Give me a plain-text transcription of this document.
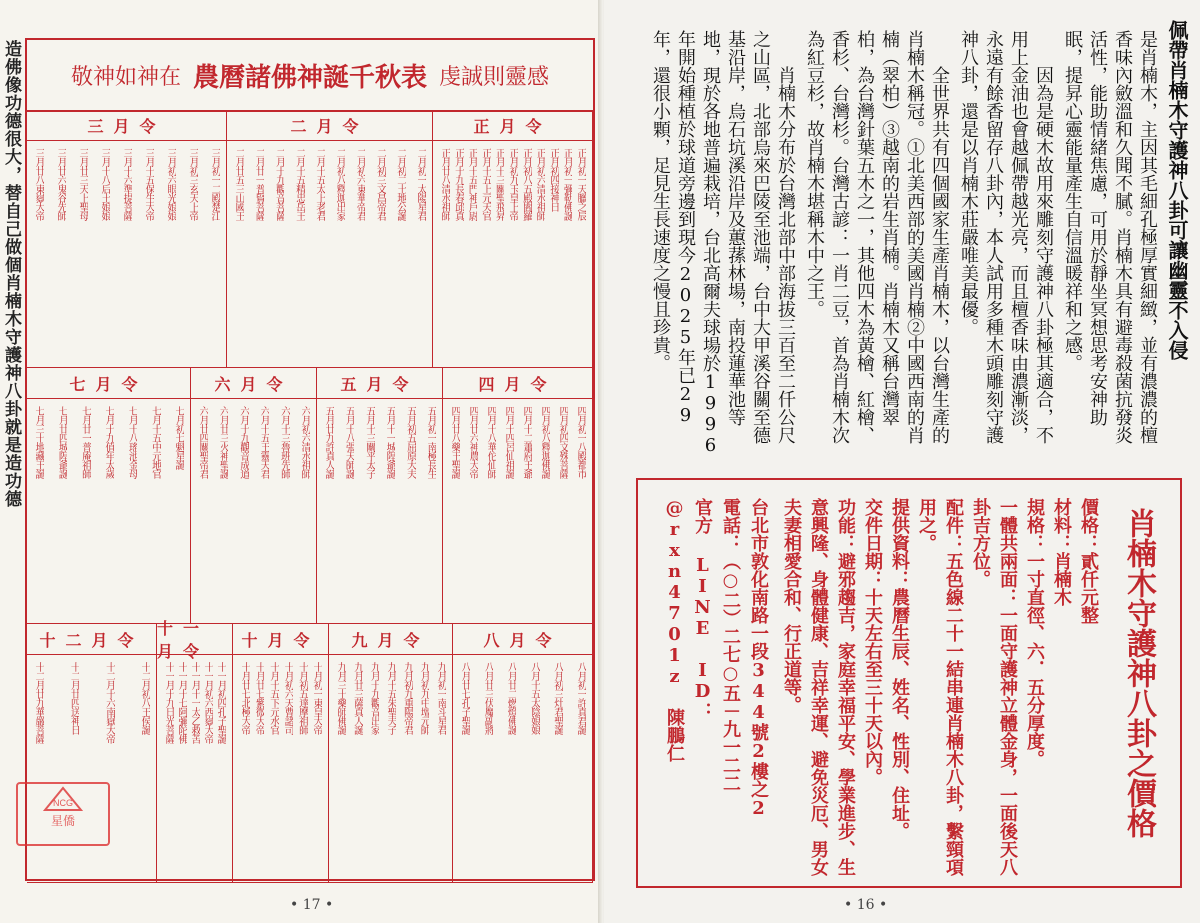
造佛像功德很大，替自己做個肖楠木守護神八卦就是造功德 敬神如神在 農曆諸佛神誕千秋表 虔誠則靈感
正月令
正月初一天臘之辰
正月初一彌勒佛誕
正月初四接神日
正月初六清水祖師
正月初八五殿閻羅
正月初九玉皇上帝
正月十三關聖飛昇
正月十五上元天官
正月十五門神戶尉
正月十九長春邱真
正月廿八清水祖師
二月令
二月初一太陽星君
二月初二土地公誕
二月初三文昌帝君
二月初六東華帝君
二月初八釋迦出家
二月十五太上老君
二月十五精忠岳王
二月十九觀音菩薩
二月廿一普賢菩薩
二月廿五三山國王
三月令
三月初一二殿楚江
三月初三玄天上帝
三月初六眼光娘娘
三月十五保生大帝
三月十六準提菩薩
三月十八后土娘娘
三月廿三天上聖母
三月廿六鬼谷先師
三月廿八東嶽大帝
四月令
四月初一八殿都市
四月初四文殊菩薩
四月初八釋迦佛誕
四月十二蕭府王爺
四月十四呂仙祖誕
四月十八華佗仙師
四月廿六神農大帝
四月廿八藥王聖誕
五月令
五月初一南極長生
五月初五屈原大夫
五月十一城隍爺誕
五月十三關平太子
五月十八張天師誕
五月廿九許真人誕
六月令
六月初六清水祖師
六月十三魯班先師
六月十五王靈天君
六月十九觀音成道
六月廿三火神聖誕
六月廿四關聖帝君
七月令
七月初七魁星誕
七月十五中元地官
七月十八瑤池金母
七月十九值年太歲
七月廿一普庵祖師
七月廿四城隍爺誕
七月三十地藏王誕
八月令
八月初一許真君誕
八月初三灶君聖誕
八月十五太陰娘娘
八月廿二燃燈佛誕
八月廿三伏魔副將
八月廿七孔子聖誕
九月令
九月初一南斗星君
九月初九中壇元帥
九月初九重陽帝君
九月十五朱聖夫子
九月十九觀音出家
九月廿三薩真人誕
九月三十藥師佛誕
十月令
十月初一東皇大帝
十月初五達摩祖師
十月初六天曹諸司
十月十五下元水官
十月廿七紫微大帝
十月廿七北極大帝
十一月令
十一月初四孔子聖誕
十一月初六西嶽大帝
十一月十一太乙救苦
十一月十七阿彌陀佛
十一月十九日光菩薩
十二月令
十二月初八王侯誕
十二月十六南嶽大帝
十二月廿四送神日
十二月廿九華嚴菩薩
NCG
星僑
• 17 •
佩帶肖楠木守護神八卦可讓幽靈不入侵

是肖楠木，主因其毛細孔極厚實細緻，並有濃濃的檀香味內斂溫和久聞不膩。肖楠木具有避毒殺菌抗發炎活性，能助情緒焦慮，可用於靜坐冥想思考安神助眠，提昇心靈能量產生自信溫暖祥和之感。

因為是硬木故用來雕刻守護神八卦極其適合，不用上金油也會越佩帶越光亮，而且檀香味由濃漸淡，永遠有餘香留存八卦內，本人試用多種木頭雕刻守護神八卦，還是以肖楠木莊嚴唯美最優。

全世界共有四個國家生產肖楠木，以台灣生產的肖楠木稱冠。①北美西部的美國肖楠②中國西南的肖楠（翠柏）③越南的岩生肖楠。肖楠木又稱台灣翠柏，為台灣針葉五木之一，其他四木為黃檜、紅檜、香杉、台灣杉。台灣古諺：一肖二豆，首為肖楠木次為紅豆杉，故肖楠木堪稱木中之王。

肖楠木分布於台灣北部中部海拔三百至二仟公尺之山區，北部烏來巴陵至池端，台中大甲溪谷關至德基沿岸，烏石坑溪沿岸及蕙蓀林場，南投蓮華池等地，現於各地普遍栽培，台北高爾夫球場於1996年開始種植於球道旁邊到現今2025年已29年，還很小顆，足見生長速度之慢且珍貴。

肖楠木守護神八卦之價格
價格：貳仟元整
材料：肖楠木
規格：一寸直徑、六．五分厚度。
一體共兩面：一面守護神立體金身，一面後天八卦吉方位。
配件：五色線二十一結串連肖楠木八卦，繫頸項用之。
提供資料：農曆生辰、姓名、性別、住址。
交件日期：十天左右至三十天以內。
功能：避邪趨吉，家庭幸福平安、學業進步、生意興隆、身體健康、吉祥幸運、避免災厄、男女夫妻相愛合和、行正道等。
台北市敦化南路一段344號2樓之2
電話：（○二）二七○五－九一二二
官方 LINE ID：@rxn4701z 陳鵬仁
• 16 •
